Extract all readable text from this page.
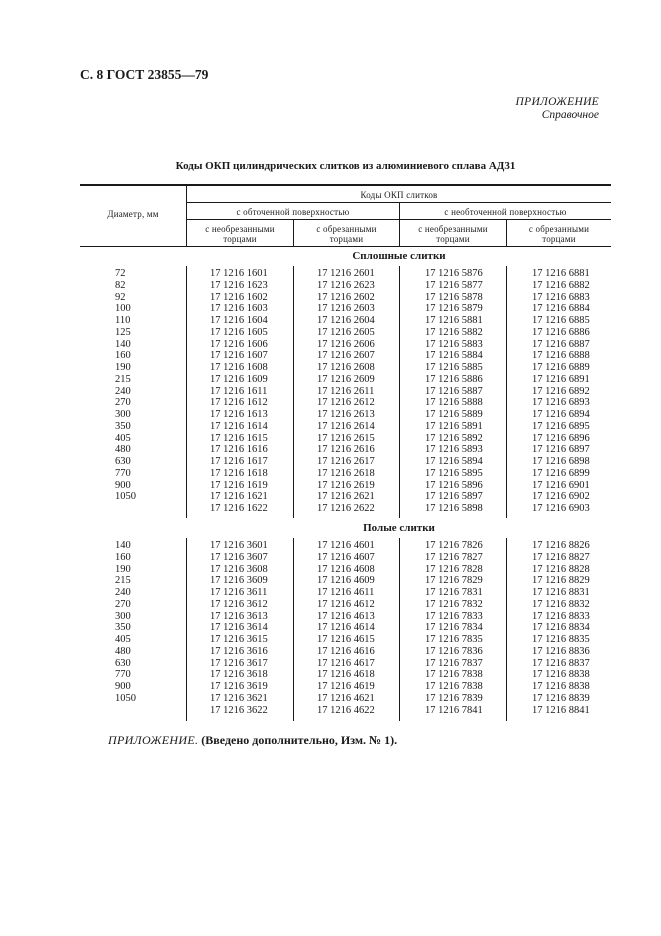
С. 8 ГОСТ 23855—79
ПРИЛОЖЕНИЕ
Справочное
Коды ОКП цилиндрических слитков из алюминиевого сплава АД31
Диаметр, мм
Коды ОКП слитков
с обточенной поверхностью	с необточенной поверхностью
с необрезанными
торцами
с обрезанными
торцами
с необрезанными
торцами
с обрезанными
торцами
Сплошные слитки
72
82
92
100
110
125
140
160
190
215
240
270
300
350
405
480
630
770
900
1050
17 1216 1601
17 1216 1623
17 1216 1602
17 1216 1603
17 1216 1604
17 1216 1605
17 1216 1606
17 1216 1607
17 1216 1608
17 1216 1609
17 1216 1611
17 1216 1612
17 1216 1613
17 1216 1614
17 1216 1615
17 1216 1616
17 1216 1617
17 1216 1618
17 1216 1619
17 1216 1621
17 1216 1622
17 1216 2601
17 1216 2623
17 1216 2602
17 1216 2603
17 1216 2604
17 1216 2605
17 1216 2606
17 1216 2607
17 1216 2608
17 1216 2609
17 1216 2611
17 1216 2612
17 1216 2613
17 1216 2614
17 1216 2615
17 1216 2616
17 1216 2617
17 1216 2618
17 1216 2619
17 1216 2621
17 1216 2622
17 1216 5876
17 1216 5877
17 1216 5878
17 1216 5879
17 1216 5881
17 1216 5882
17 1216 5883
17 1216 5884
17 1216 5885
17 1216 5886
17 1216 5887
17 1216 5888
17 1216 5889
17 1216 5891
17 1216 5892
17 1216 5893
17 1216 5894
17 1216 5895
17 1216 5896
17 1216 5897
17 1216 5898
17 1216 6881
17 1216 6882
17 1216 6883
17 1216 6884
17 1216 6885
17 1216 6886
17 1216 6887
17 1216 6888
17 1216 6889
17 1216 6891
17 1216 6892
17 1216 6893
17 1216 6894
17 1216 6895
17 1216 6896
17 1216 6897
17 1216 6898
17 1216 6899
17 1216 6901
17 1216 6902
17 1216 6903
Полые слитки
140
160
190
215
240
270
300
350
405
480
630
770
900
1050
17 1216 3601
17 1216 3607
17 1216 3608
17 1216 3609
17 1216 3611
17 1216 3612
17 1216 3613
17 1216 3614
17 1216 3615
17 1216 3616
17 1216 3617
17 1216 3618
17 1216 3619
17 1216 3621
17 1216 3622
17 1216 4601
17 1216 4607
17 1216 4608
17 1216 4609
17 1216 4611
17 1216 4612
17 1216 4613
17 1216 4614
17 1216 4615
17 1216 4616
17 1216 4617
17 1216 4618
17 1216 4619
17 1216 4621
17 1216 4622
17 1216 7826
17 1216 7827
17 1216 7828
17 1216 7829
17 1216 7831
17 1216 7832
17 1216 7833
17 1216 7834
17 1216 7835
17 1216 7836
17 1216 7837
17 1216 7838
17 1216 7838
17 1216 7839
17 1216 7841
17 1216 8826
17 1216 8827
17 1216 8828
17 1216 8829
17 1216 8831
17 1216 8832
17 1216 8833
17 1216 8834
17 1216 8835
17 1216 8836
17 1216 8837
17 1216 8838
17 1216 8838
17 1216 8839
17 1216 8841
ПРИЛОЖЕНИЕ. (Введено дополнительно, Изм. № 1).
